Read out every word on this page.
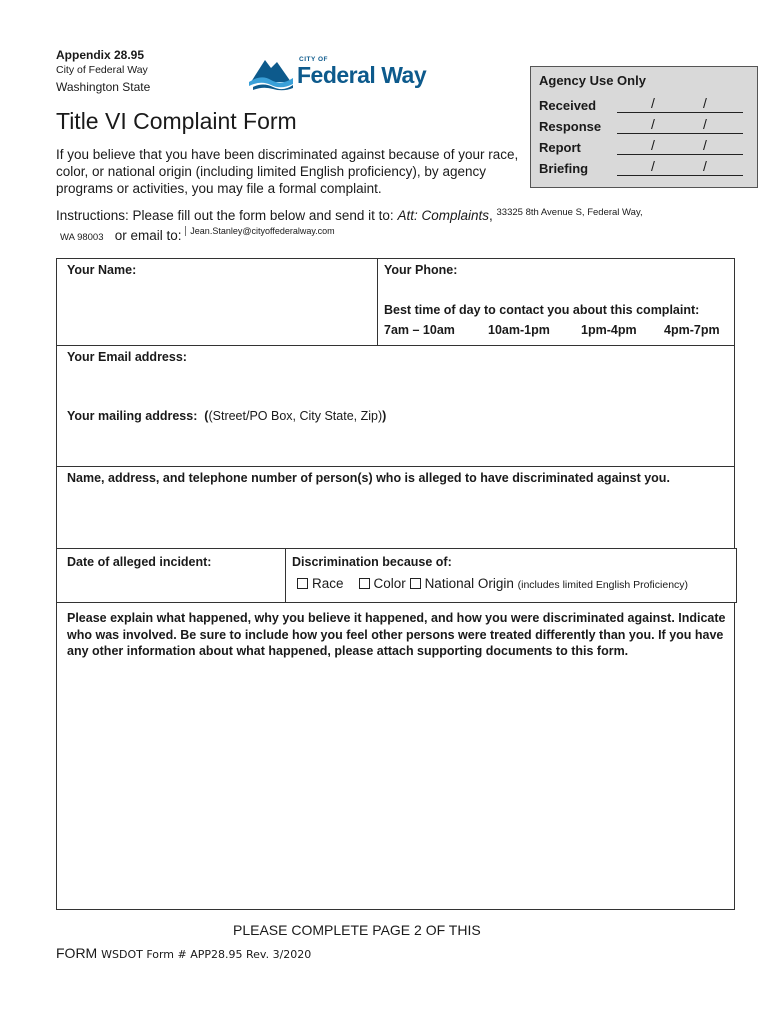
Appendix 28.95
City of Federal Way
Washington State
CITY OF
Federal Way
Title VI Complaint Form
If you believe that you have been discriminated against because of your race, color, or national origin (including limited English proficiency), by agency programs or activities, you may file a formal complaint.
Agency Use Only
Received	/	/
Response	/	/
Report	/	/
Briefing	/	/
Instructions: Please fill out the form below and send it to: Att: Complaints, $^{33325 8th Avenue S, Federal Way,}$
WA 98003 or email to: $^{Jean.Stanley@cityoffederalway.com}$
Your Name:	Your Phone:
Best time of day to contact you about this complaint:
7am – 10am	10am-1pm 1pm-4pm 4pm-7pm
Your Email address:
Your mailing address:  ((Street/PO Box, City State, Zip))
Name, address, and telephone number of person(s) who is alleged to have discriminated against you.
Date of alleged incident:	Discrimination because of:
Race Color National Origin (includes limited English Proficiency)
Please explain what happened, why you believe it happened, and how you were discriminated against. Indicate who was involved. Be sure to include how you feel other persons were treated differently than you. If you have any other information about what happened, please attach supporting documents to this form.
PLEASE COMPLETE PAGE 2 OF THIS
FORM WSDOT Form # APP28.95 Rev. 3/2020
